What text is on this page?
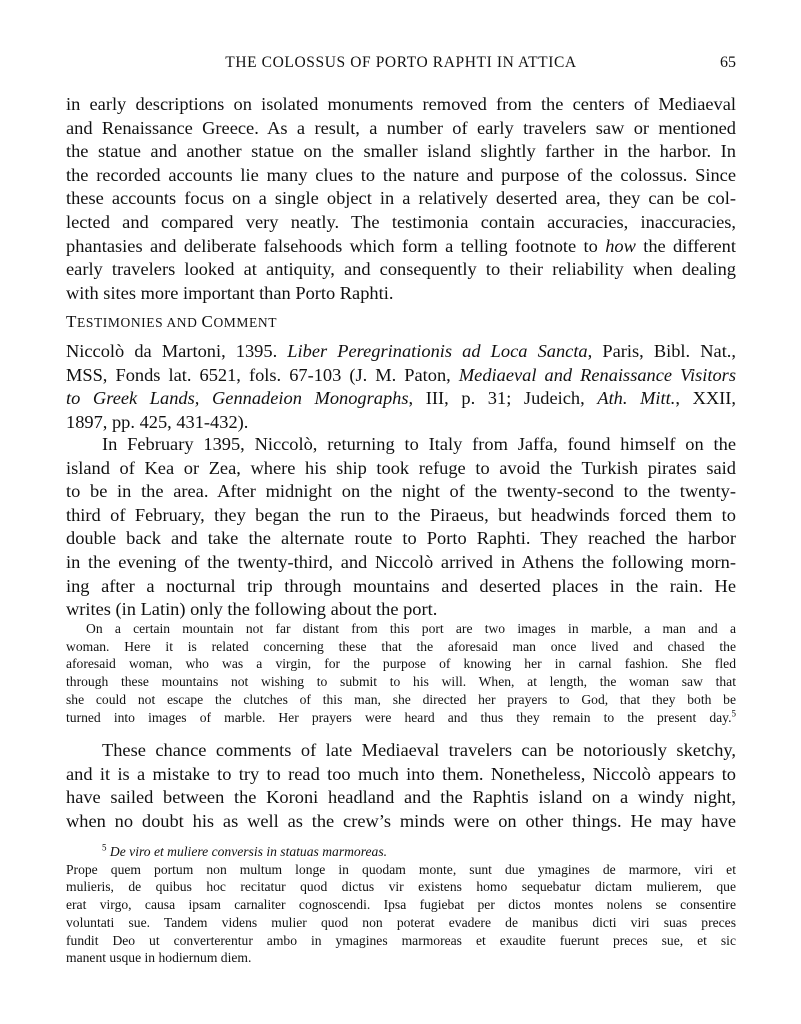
THE COLOSSUS OF PORTO RAPHTI IN ATTICA	65
in early descriptions on isolated monuments removed from the centers of Mediaeval
and Renaissance Greece. As a result, a number of early travelers saw or mentioned
the statue and another statue on the smaller island slightly farther in the harbor. In
the recorded accounts lie many clues to the nature and purpose of the colossus. Since
these accounts focus on a single object in a relatively deserted area, they can be col-
lected and compared very neatly. The testimonia contain accuracies, inaccuracies,
phantasies and deliberate falsehoods which form a telling footnote to how the different
early travelers looked at antiquity, and consequently to their reliability when dealing
with sites more important than Porto Raphti.
TESTIMONIES AND COMMENT
Niccolò da Martoni, 1395. Liber Peregrinationis ad Loca Sancta, Paris, Bibl. Nat.,
MSS, Fonds lat. 6521, fols. 67-103 (J. M. Paton, Mediaeval and Renaissance Visitors
to Greek Lands, Gennadeion Monographs, III, p. 31; Judeich, Ath. Mitt., XXII,
1897, pp. 425, 431-432).
In February 1395, Niccolò, returning to Italy from Jaffa, found himself on the
island of Kea or Zea, where his ship took refuge to avoid the Turkish pirates said
to be in the area. After midnight on the night of the twenty-second to the twenty-
third of February, they began the run to the Piraeus, but headwinds forced them to
double back and take the alternate route to Porto Raphti. They reached the harbor
in the evening of the twenty-third, and Niccolò arrived in Athens the following morn-
ing after a nocturnal trip through mountains and deserted places in the rain. He
writes (in Latin) only the following about the port.
On a certain mountain not far distant from this port are two images in marble, a man and a
woman. Here it is related concerning these that the aforesaid man once lived and chased the
aforesaid woman, who was a virgin, for the purpose of knowing her in carnal fashion. She fled
through these mountains not wishing to submit to his will. When, at length, the woman saw that
she could not escape the clutches of this man, she directed her prayers to God, that they both be
turned into images of marble. Her prayers were heard and thus they remain to the present day.$^5$
These chance comments of late Mediaeval travelers can be notoriously sketchy,
and it is a mistake to try to read too much into them. Nonetheless, Niccolò appears to
have sailed between the Koroni headland and the Raphtis island on a windy night,
when no doubt his as well as the crew’s minds were on other things. He may have
$^5$ De viro et muliere conversis in statuas marmoreas.
Prope quem portum non multum longe in quodam monte, sunt due ymagines de marmore, viri et
mulieris, de quibus hoc recitatur quod dictus vir existens homo sequebatur dictam mulierem, que
erat virgo, causa ipsam carnaliter cognoscendi. Ipsa fugiebat per dictos montes nolens se consentire
voluntati sue. Tandem videns mulier quod non poterat evadere de manibus dicti viri suas preces
fundit Deo ut converterentur ambo in ymagines marmoreas et exaudite fuerunt preces sue, et sic
manent usque in hodiernum diem.
